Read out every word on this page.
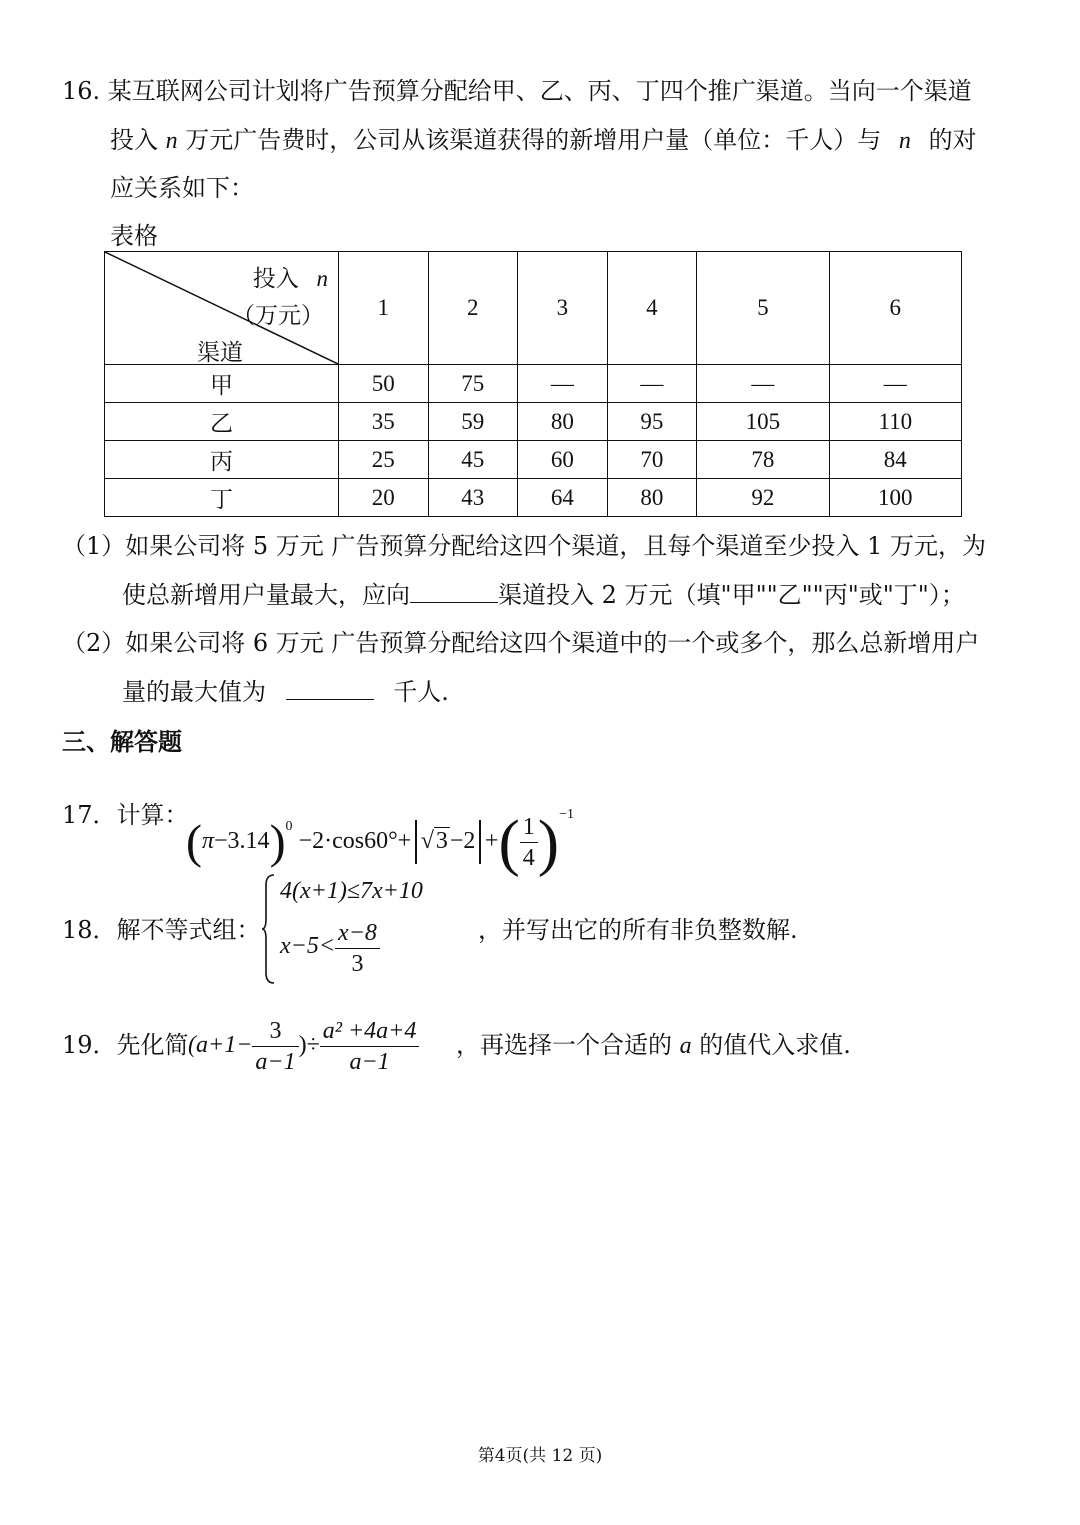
16. 某互联网公司计划将广告预算分配给甲、乙、丙、丁四个推广渠道。当向一个渠道
投入 n 万元广告费时，公司从该渠道获得的新增用户量（单位：千人）与 n 的对
应关系如下：
表格
投入 n
（万元）
渠道	1	2	3	4	5	6
甲	50	75	—	—	—	—
乙	35	59	80	95	105	110
丙	25	45	60	70	78	84
丁	20	43	64	80	92	100
（1）如果公司将 5 万元 广告预算分配给这四个渠道，且每个渠道至少投入 1 万元，为
使总新增用户量最大，应向	渠道投入 2 万元（填"甲""乙""丙"或"丁"）；
（2）如果公司将 6 万元 广告预算分配给这四个渠道中的一个或多个，那么总新增用户
量的最大值为	千人.
三、解答题
17．计算：
$(\pi-3.14)^0 -2\cdot\cos 60^\circ+ √3-2$ +( $\frac{1}{4} )^{-1}$
18．解不等式组：
4(x+1)≤7x+10
$x-5< \frac{x-8}{3}$	，并写出它的所有非负整数解.
19．先化简 ($a+1- \frac{3}{a-1}$ )÷ $\frac{\text{a² +4a+4}}{a-1}$ ，再选择一个合适的 a 的值代入求值.
第4页(共 12 页)
